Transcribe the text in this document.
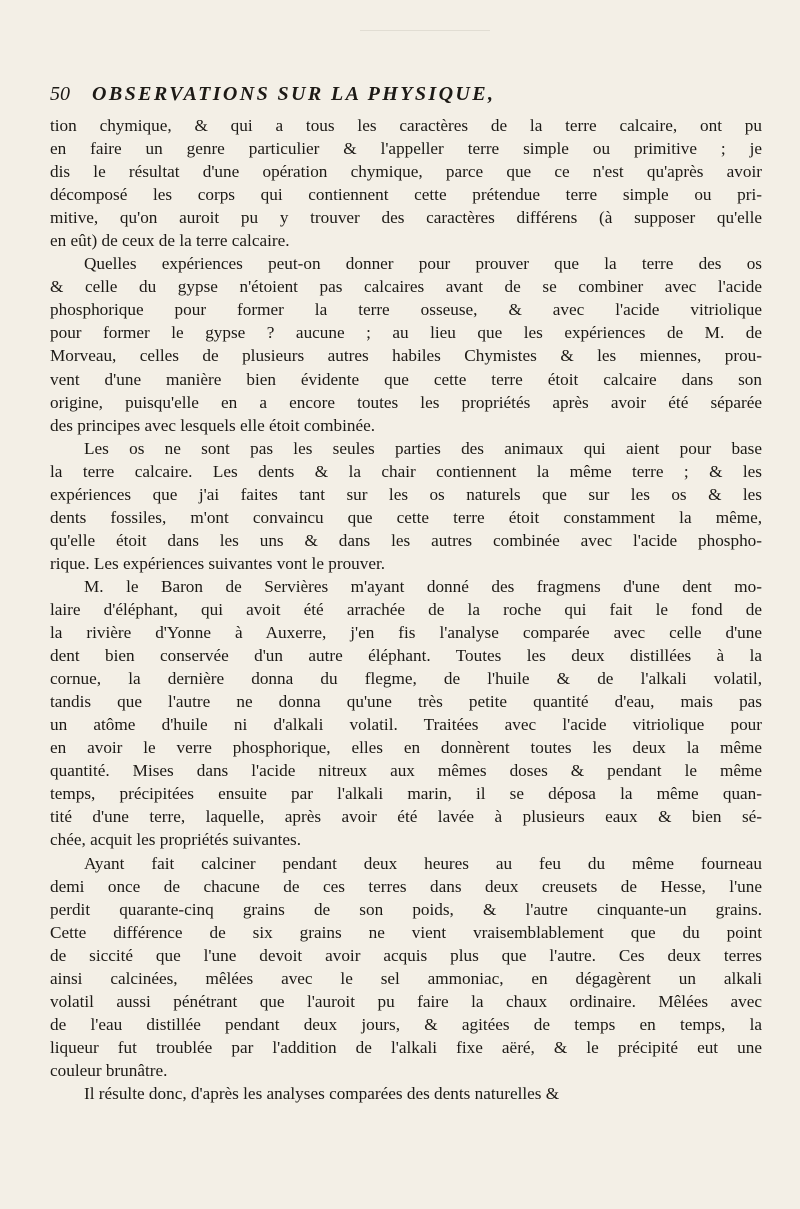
50	OBSERVATIONS SUR LA PHYSIQUE,
tion chymique, & qui a tous les caractères de la terre calcaire, ont pu
en faire un genre particulier & l'appeller terre simple ou primitive ; je
dis le résultat d'une opération chymique, parce que ce n'est qu'après avoir
décomposé les corps qui contiennent cette prétendue terre simple ou pri-
mitive, qu'on auroit pu y trouver des caractères différens (à supposer qu'elle
en eût) de ceux de la terre calcaire.
Quelles expériences peut-on donner pour prouver que la terre des os
& celle du gypse n'étoient pas calcaires avant de se combiner avec l'acide
phosphorique pour former la terre osseuse, & avec l'acide vitriolique
pour former le gypse ? aucune ; au lieu que les expériences de M. de
Morveau, celles de plusieurs autres habiles Chymistes & les miennes, prou-
vent d'une manière bien évidente que cette terre étoit calcaire dans son
origine, puisqu'elle en a encore toutes les propriétés après avoir été séparée
des principes avec lesquels elle étoit combinée.
Les os ne sont pas les seules parties des animaux qui aient pour base
la terre calcaire. Les dents & la chair contiennent la même terre ; & les
expériences que j'ai faites tant sur les os naturels que sur les os & les
dents fossiles, m'ont convaincu que cette terre étoit constamment la même,
qu'elle étoit dans les uns & dans les autres combinée avec l'acide phospho-
rique. Les expériences suivantes vont le prouver.
M. le Baron de Servières m'ayant donné des fragmens d'une dent mo-
laire d'éléphant, qui avoit été arrachée de la roche qui fait le fond de
la rivière d'Yonne à Auxerre, j'en fis l'analyse comparée avec celle d'une
dent bien conservée d'un autre éléphant. Toutes les deux distillées à la
cornue, la dernière donna du flegme, de l'huile & de l'alkali volatil,
tandis que l'autre ne donna qu'une très petite quantité d'eau, mais pas
un atôme d'huile ni d'alkali volatil. Traitées avec l'acide vitriolique pour
en avoir le verre phosphorique, elles en donnèrent toutes les deux la même
quantité. Mises dans l'acide nitreux aux mêmes doses & pendant le même
temps, précipitées ensuite par l'alkali marin, il se déposa la même quan-
tité d'une terre, laquelle, après avoir été lavée à plusieurs eaux & bien sé-
chée, acquit les propriétés suivantes.
Ayant fait calciner pendant deux heures au feu du même fourneau
demi once de chacune de ces terres dans deux creusets de Hesse, l'une
perdit quarante-cinq grains de son poids, & l'autre cinquante-un grains.
Cette différence de six grains ne vient vraisemblablement que du point
de siccité que l'une devoit avoir acquis plus que l'autre. Ces deux terres
ainsi calcinées, mêlées avec le sel ammoniac, en dégagèrent un alkali
volatil aussi pénétrant que l'auroit pu faire la chaux ordinaire. Mêlées avec
de l'eau distillée pendant deux jours, & agitées de temps en temps, la
liqueur fut troublée par l'addition de l'alkali fixe aëré, & le précipité eut une
couleur brunâtre.
Il résulte donc, d'après les analyses comparées des dents naturelles &
